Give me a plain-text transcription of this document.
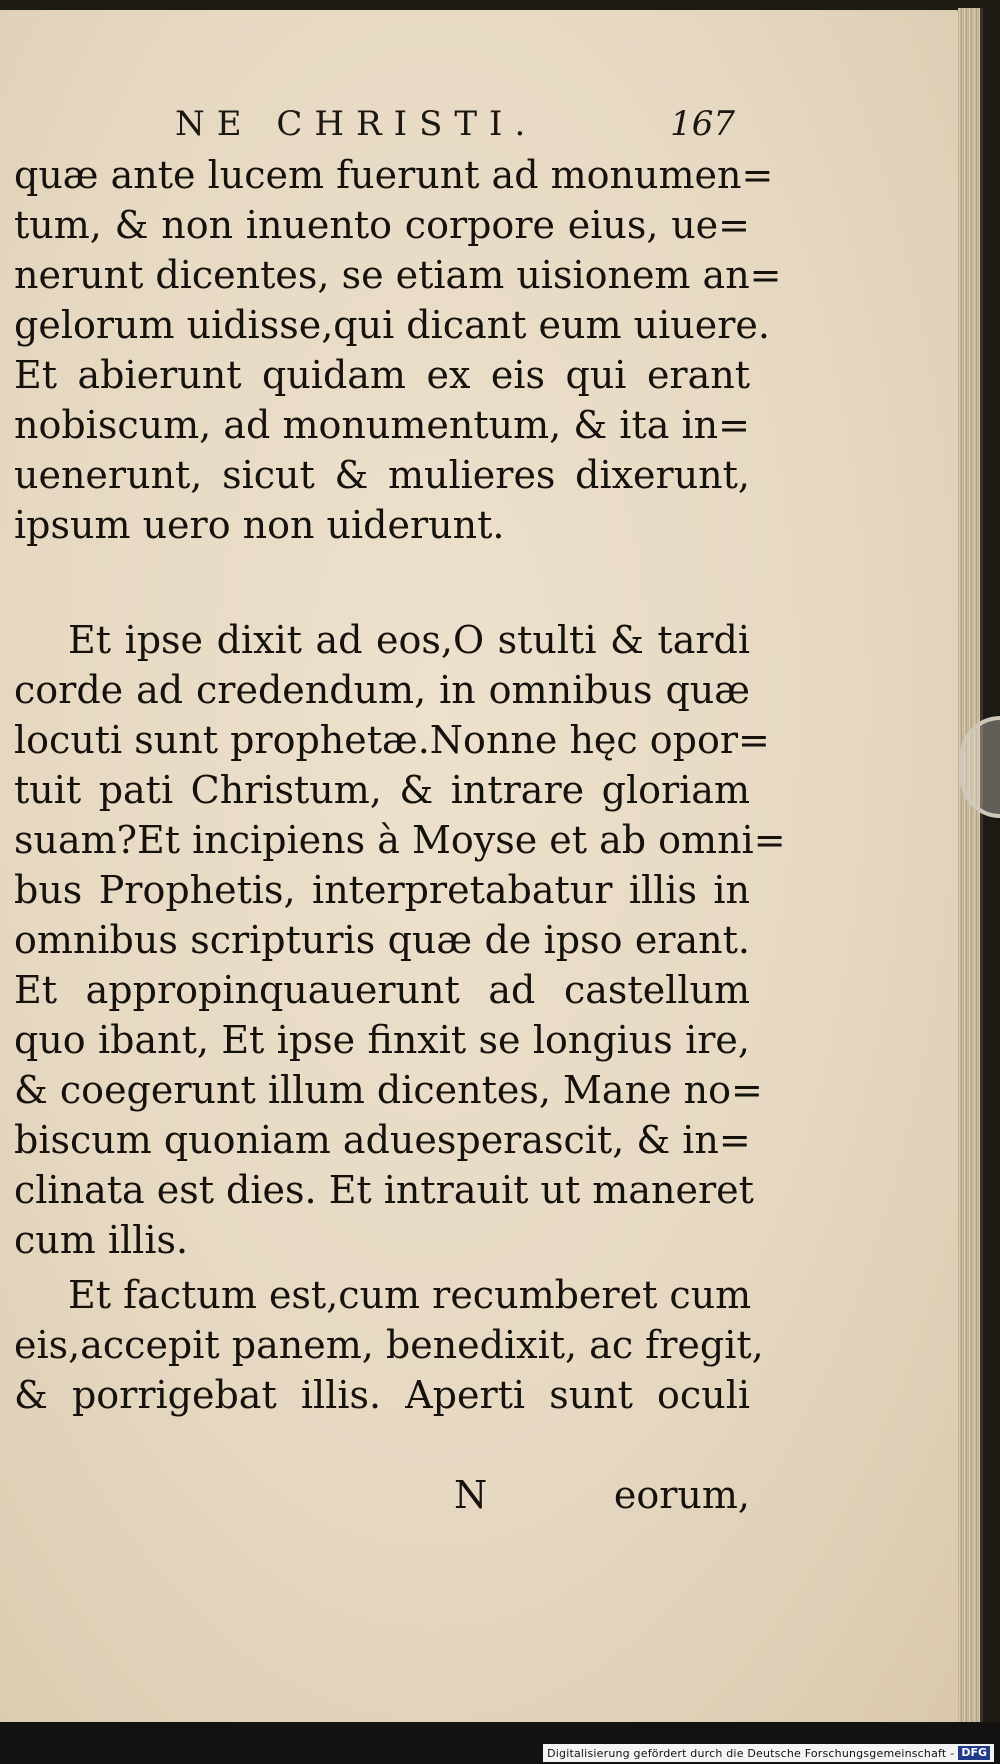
NE CHRISTI.	167
quæ ante lucem fuerunt ad monumen=
tum, & non inuento corpore eius, ue=
nerunt dicentes, se etiam uisionem an=
gelorum uidisse,qui dicant eum uiuere.
Et abierunt quidam ex eis qui erant
nobiscum, ad monumentum, & ita in=
uenerunt, sicut & mulieres dixerunt,
ipsum uero non uiderunt.
Et ipse dixit ad eos,O stulti & tardi
corde ad credendum, in omnibus quæ
locuti sunt prophetæ.Nonne hęc opor=
tuit pati Christum, & intrare gloriam
suam?Et incipiens à Moyse et ab omni=
bus Prophetis, interpretabatur illis in
omnibus scripturis quæ de ipso erant.
Et appropinquauerunt ad castellum
quo ibant, Et ipse finxit se longius ire,
& coegerunt illum dicentes, Mane no=
biscum quoniam aduesperascit, & in=
clinata est dies. Et intrauit ut maneret
cum illis.
Et factum est,cum recumberet cum
eis,accepit panem, benedixit, ac fregit,
& porrigebat illis. Aperti sunt oculi
N	eorum,
Digitalisierung gefördert durch die Deutsche Forschungsgemeinschaft - DFG
